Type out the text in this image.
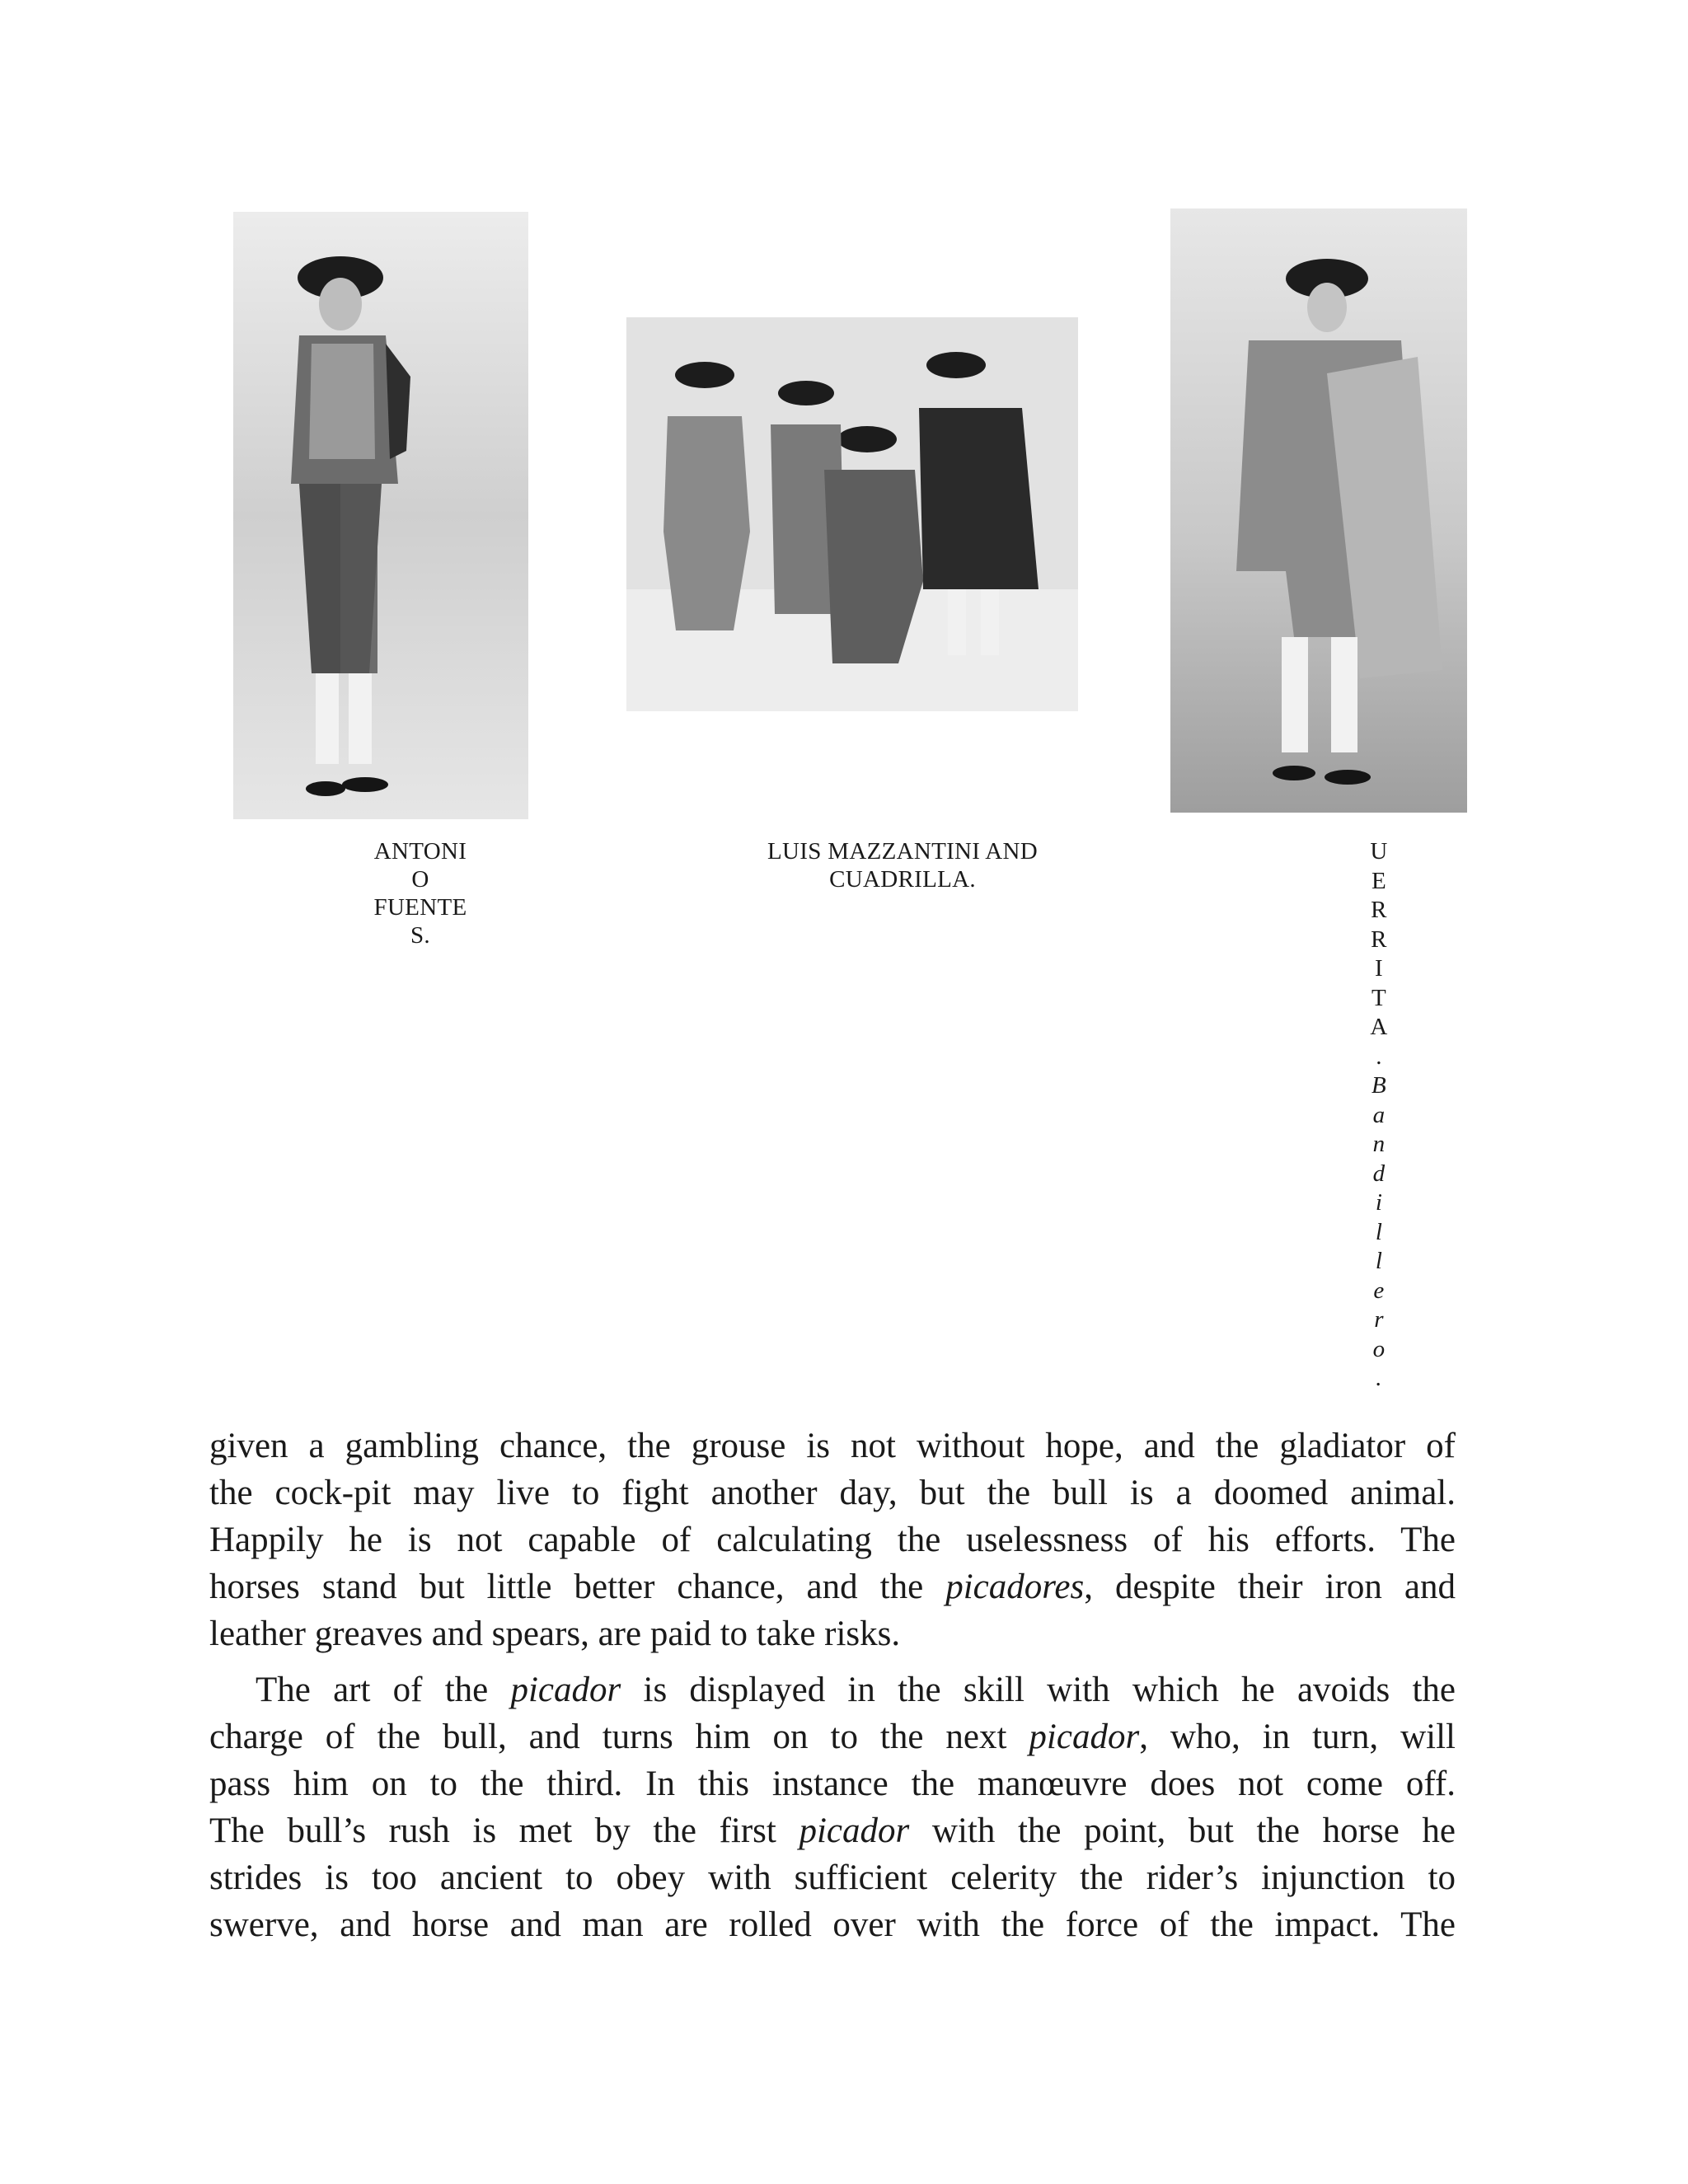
ANTONI
O
FUENTE
S.
LUIS MAZZANTINI AND
CUADRILLA.
U
E
R
R
I
T
A
.
B
a
n
d
i
l
l
e
r
o
.
given a gambling chance, the grouse is not without hope, and the gladiator of
the cock-pit may live to fight another day, but the bull is a doomed animal.
Happily he is not capable of calculating the uselessness of his efforts. The
horses stand but little better chance, and the picadores, despite their iron and
leather greaves and spears, are paid to take risks.
The art of the picador is displayed in the skill with which he avoids the
charge of the bull, and turns him on to the next picador, who, in turn, will
pass him on to the third. In this instance the manœuvre does not come off.
The bull’s rush is met by the first picador with the point, but the horse he
strides is too ancient to obey with sufficient celerity the rider’s injunction to
swerve, and horse and man are rolled over with the force of the impact. The
